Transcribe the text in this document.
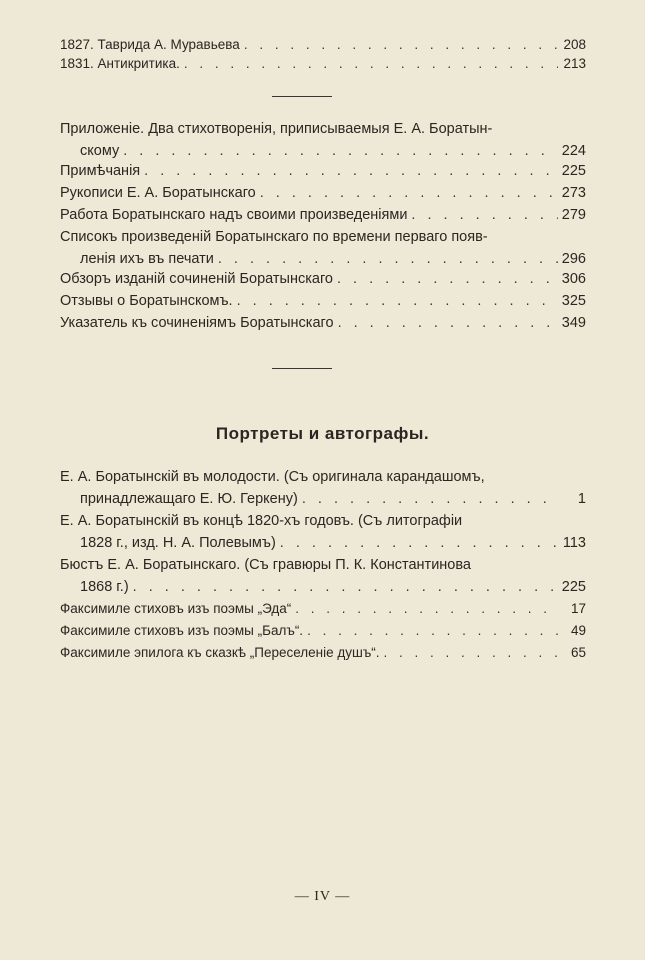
1827. Таврида А. Муравьева . . .	208
1831. Антикритика. . . .	213
Приложенiе. Два стихотворенiя, приписываемыя Е. А. Боратын-
скому . . .	224
Примѣчанiя . . .	225
Рукописи Е. А. Боратынскаго . . .	273
Работа Боратынскаго надъ своими произведенiями . . .	279
Списокъ произведенiй Боратынскаго по времени перваго появ-
ленiя ихъ въ печати . . .	296
Обзоръ изданiй сочиненiй Боратынскаго . . .	306
Отзывы о Боратынскомъ. . . .	325
Указатель къ сочиненiямъ Боратынскаго . . .	349
Портреты и автографы.
Е. А. Боратынскiй въ молодости. (Съ оригинала карандашомъ,
принадлежащаго Е. Ю. Геркену) . . .	1
Е. А. Боратынскiй въ концѣ 1820-хъ годовъ. (Съ литографiи
1828 г., изд. Н. А. Полевымъ) . . .	113
Бюстъ Е. А. Боратынскаго. (Съ гравюры П. К. Константинова
1868 г.) . . .	225
Факсимиле стиховъ изъ поэмы „Эда“ . . .	17
Факсимиле стиховъ изъ поэмы „Балъ“. . . .	49
Факсимиле эпилога къ сказкѣ „Переселенiе душъ“. . . .	65
— IV —
